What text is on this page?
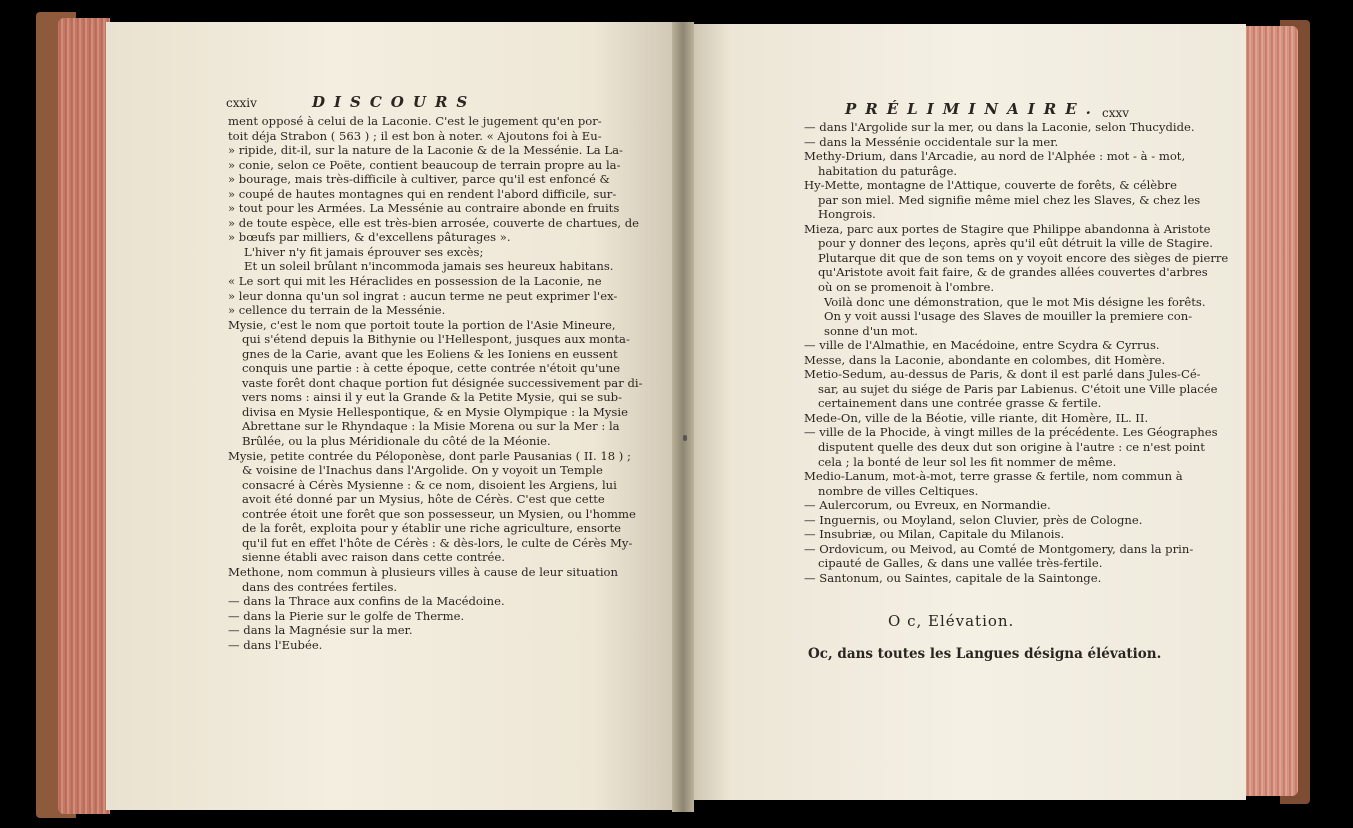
cxxiv	DISCOURS
ment opposé à celui de la Laconie. C'est le jugement qu'en por-
toit déja Strabon ( 563 ) ; il est bon à noter. « Ajoutons foi à Eu-
» ripide, dit-il, sur la nature de la Laconie & de la Messénie. La La-
» conie, selon ce Poëte, contient beaucoup de terrain propre au la-
» bourage, mais très-difficile à cultiver, parce qu'il est enfoncé &
» coupé de hautes montagnes qui en rendent l'abord difficile, sur-
» tout pour les Armées. La Messénie au contraire abonde en fruits
» de toute espèce, elle est très-bien arrosée, couverte de chartues, de
» bœufs par milliers, & d'excellens pâturages ».
L'hiver n'y fit jamais éprouver ses excès;
Et un soleil brûlant n'incommoda jamais ses heureux habitans.
« Le sort qui mit les Héraclides en possession de la Laconie, ne
» leur donna qu'un sol ingrat : aucun terme ne peut exprimer l'ex-
» cellence du terrain de la Messénie.
Mysie, c'est le nom que portoit toute la portion de l'Asie Mineure,
qui s'étend depuis la Bithynie ou l'Hellespont, jusques aux monta-
gnes de la Carie, avant que les Eoliens & les Ioniens en eussent
conquis une partie : à cette époque, cette contrée n'étoit qu'une
vaste forêt dont chaque portion fut désignée successivement par di-
vers noms : ainsi il y eut la Grande & la Petite Mysie, qui se sub-
divisa en Mysie Hellespontique, & en Mysie Olympique : la Mysie
Abrettane sur le Rhyndaque : la Misie Morena ou sur la Mer : la
Brûlée, ou la plus Méridionale du côté de la Méonie.
Mysie, petite contrée du Péloponèse, dont parle Pausanias ( II. 18 ) ;
& voisine de l'Inachus dans l'Argolide. On y voyoit un Temple
consacré à Cérès Mysienne : & ce nom, disoient les Argiens, lui
avoit été donné par un Mysius, hôte de Cérès. C'est que cette
contrée étoit une forêt que son possesseur, un Mysien, ou l'homme
de la forêt, exploita pour y établir une riche agriculture, ensorte
qu'il fut en effet l'hôte de Cérès : & dès-lors, le culte de Cérès My-
sienne établi avec raison dans cette contrée.
Methone, nom commun à plusieurs villes à cause de leur situation
dans des contrées fertiles.
— dans la Thrace aux confins de la Macédoine.
— dans la Pierie sur le golfe de Therme.
— dans la Magnésie sur la mer.
— dans l'Eubée.
PRÉLIMINAIRE. cxxv
— dans l'Argolide sur la mer, ou dans la Laconie, selon Thucydide.
— dans la Messénie occidentale sur la mer.
Methy-Drium, dans l'Arcadie, au nord de l'Alphée : mot - à - mot,
habitation du paturâge.
Hy-Mette, montagne de l'Attique, couverte de forêts, & célèbre
par son miel. Med signifie même miel chez les Slaves, & chez les
Hongrois.
Mieza, parc aux portes de Stagire que Philippe abandonna à Aristote
pour y donner des leçons, après qu'il eût détruit la ville de Stagire.
Plutarque dit que de son tems on y voyoit encore des sièges de pierre
qu'Aristote avoit fait faire, & de grandes allées couvertes d'arbres
où on se promenoit à l'ombre.
Voilà donc une démonstration, que le mot Mis désigne les forêts.
On y voit aussi l'usage des Slaves de mouiller la premiere con-
sonne d'un mot.
— ville de l'Almathie, en Macédoine, entre Scydra & Cyrrus.
Messe, dans la Laconie, abondante en colombes, dit Homère.
Metio-Sedum, au-dessus de Paris, & dont il est parlé dans Jules-Cé-
sar, au sujet du siége de Paris par Labienus. C'étoit une Ville placée
certainement dans une contrée grasse & fertile.
Mede-On, ville de la Béotie, ville riante, dit Homère, IL. II.
— ville de la Phocide, à vingt milles de la précédente. Les Géographes
disputent quelle des deux dut son origine à l'autre : ce n'est point
cela ; la bonté de leur sol les fit nommer de même.
Medio-Lanum, mot-à-mot, terre grasse & fertile, nom commun à
nombre de villes Celtiques.
— Aulercorum, ou Evreux, en Normandie.
— Inguernis, ou Moyland, selon Cluvier, près de Cologne.
— Insubriæ, ou Milan, Capitale du Milanois.
— Ordovicum, ou Meivod, au Comté de Montgomery, dans la prin-
cipauté de Galles, & dans une vallée très-fertile.
— Santonum, ou Saintes, capitale de la Saintonge.
O c, Elévation.
Oc, dans toutes les Langues désigna élévation.
